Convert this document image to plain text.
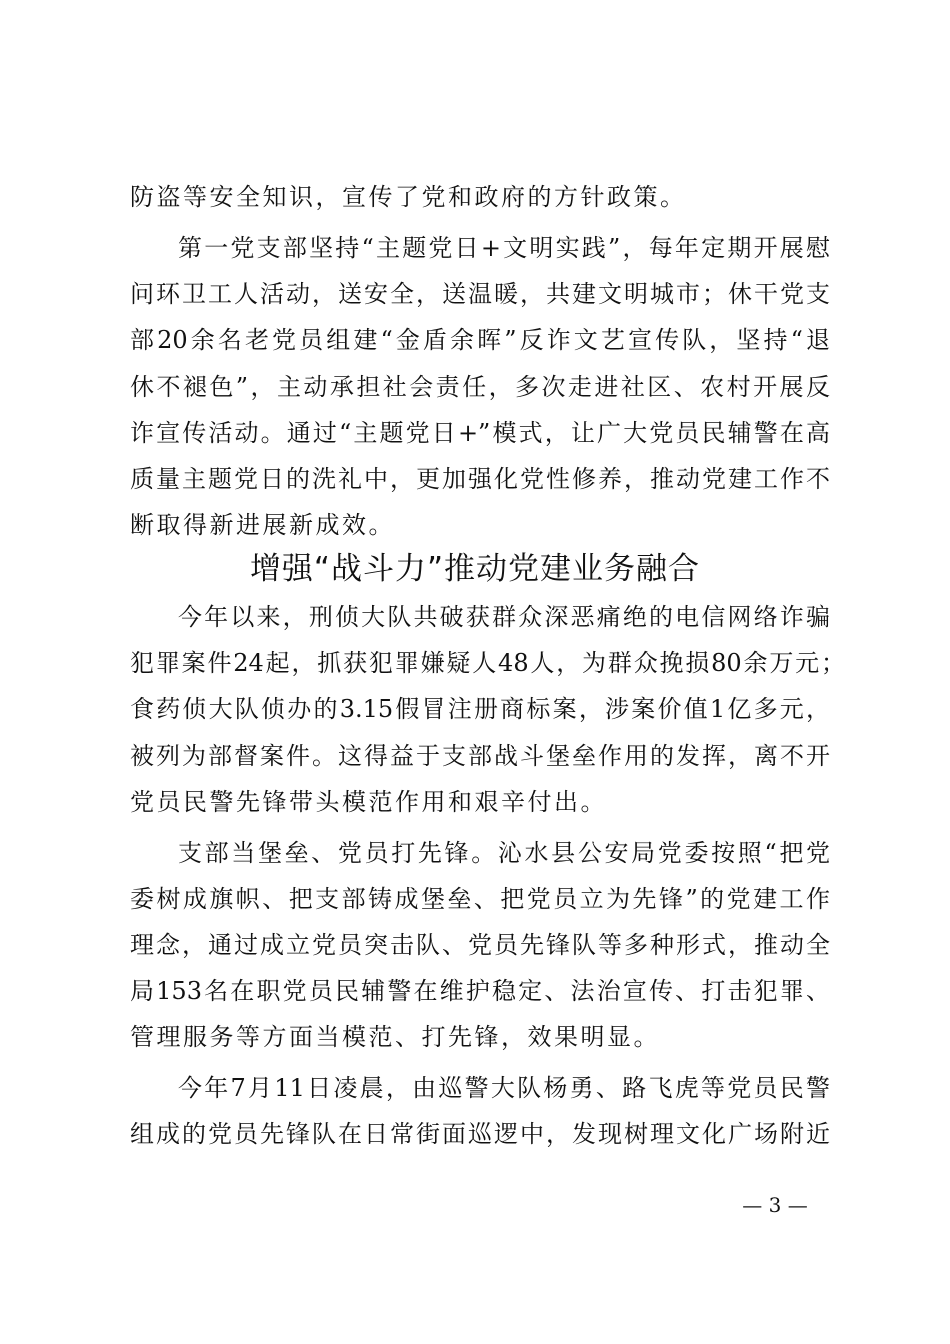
防盗等安全知识，宣传了党和政府的方针政策。
第一党支部坚持“主题党日+文明实践”，每年定期开展慰
问环卫工人活动，送安全，送温暖，共建文明城市；休干党支
部20余名老党员组建“金盾余晖”反诈文艺宣传队，坚持“退
休不褪色”，主动承担社会责任，多次走进社区、农村开展反
诈宣传活动。通过“主题党日+”模式，让广大党员民辅警在高
质量主题党日的洗礼中，更加强化党性修养，推动党建工作不
断取得新进展新成效。
增强“战斗力”推动党建业务融合
今年以来，刑侦大队共破获群众深恶痛绝的电信网络诈骗
犯罪案件24起，抓获犯罪嫌疑人48人，为群众挽损80余万元；
食药侦大队侦办的3.15假冒注册商标案，涉案价值1亿多元，
被列为部督案件。这得益于支部战斗堡垒作用的发挥，离不开
党员民警先锋带头模范作用和艰辛付出。
支部当堡垒、党员打先锋。沁水县公安局党委按照“把党
委树成旗帜、把支部铸成堡垒、把党员立为先锋”的党建工作
理念，通过成立党员突击队、党员先锋队等多种形式，推动全
局153名在职党员民辅警在维护稳定、法治宣传、打击犯罪、
管理服务等方面当模范、打先锋，效果明显。
今年7月11日凌晨，由巡警大队杨勇、路飞虎等党员民警
组成的党员先锋队在日常街面巡逻中，发现树理文化广场附近
— 3 —
